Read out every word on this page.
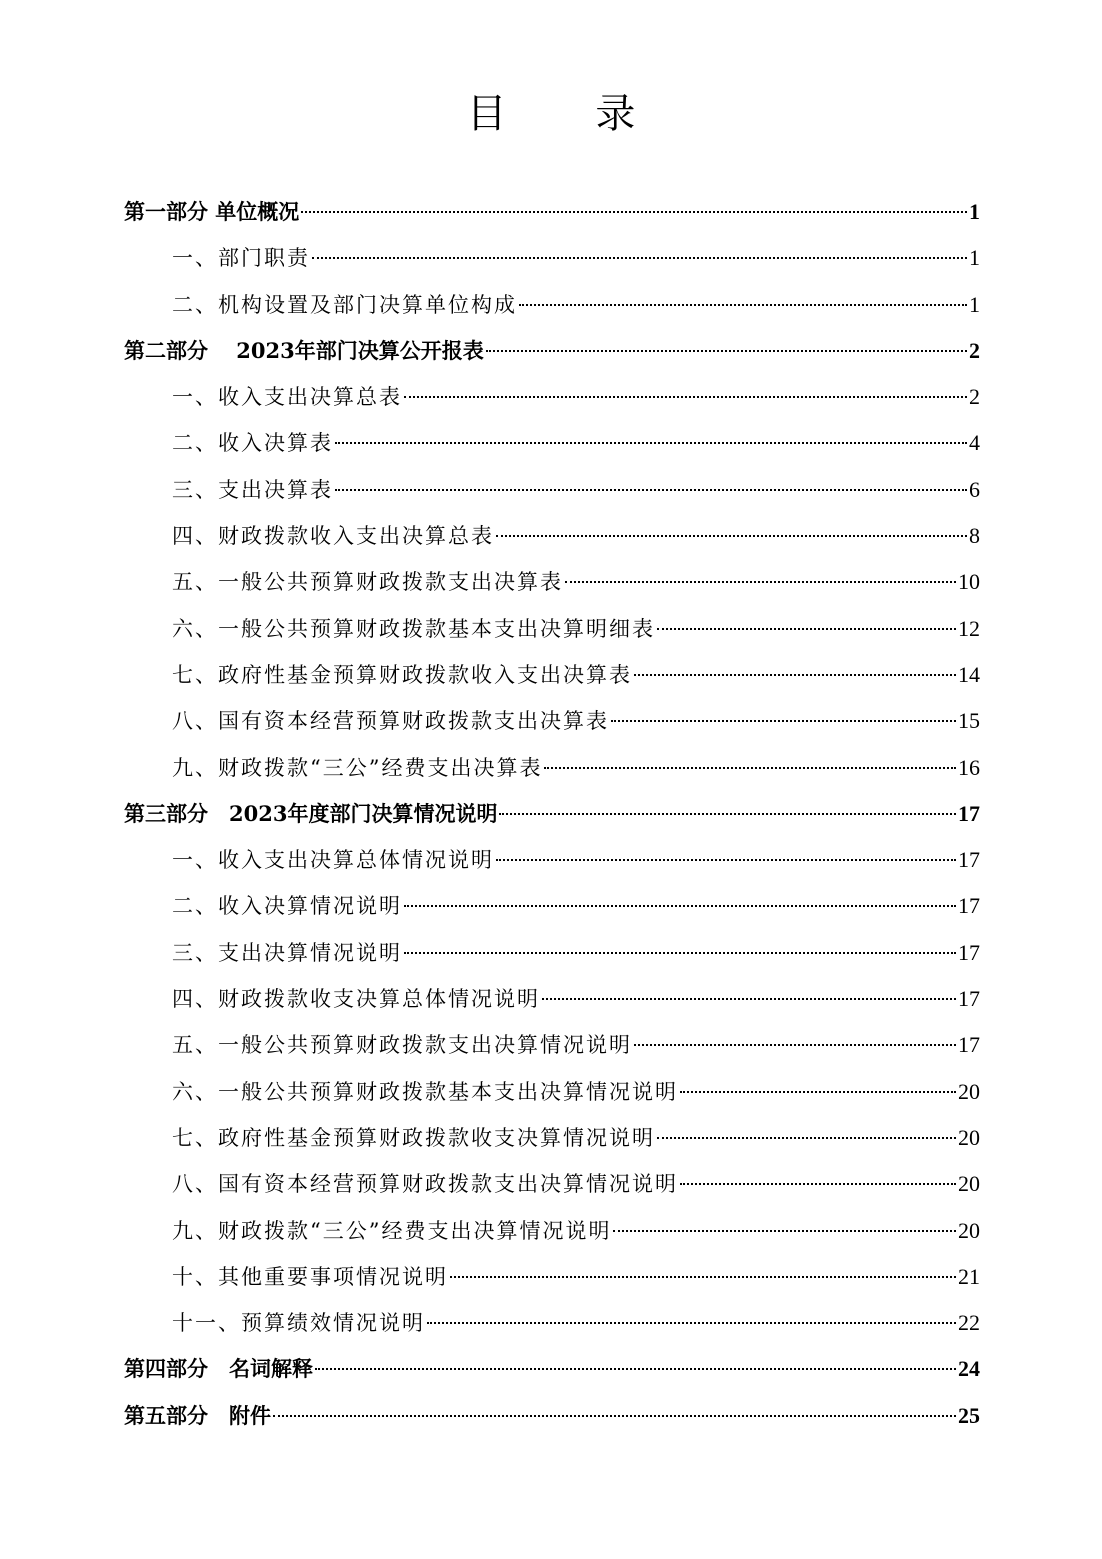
目 录
第一部分 单位概况	1
一、部门职责	1
二、机构设置及部门决算单位构成	1
第二部分　 2023年部门决算公开报表	2
一、收入支出决算总表	2
二、收入决算表	4
三、支出决算表	6
四、财政拨款收入支出决算总表	8
五、一般公共预算财政拨款支出决算表	10
六、一般公共预算财政拨款基本支出决算明细表	12
七、政府性基金预算财政拨款收入支出决算表	14
八、国有资本经营预算财政拨款支出决算表	15
九、财政拨款“三公”经费支出决算表	16
第三部分　2023年度部门决算情况说明	17
一、收入支出决算总体情况说明	17
二、收入决算情况说明	17
三、支出决算情况说明	17
四、财政拨款收支决算总体情况说明	17
五、一般公共预算财政拨款支出决算情况说明	17
六、一般公共预算财政拨款基本支出决算情况说明	20
七、政府性基金预算财政拨款收支决算情况说明	20
八、国有资本经营预算财政拨款支出决算情况说明	20
九、财政拨款“三公”经费支出决算情况说明	20
十、其他重要事项情况说明	21
十一、预算绩效情况说明	22
第四部分　名词解释	24
第五部分　附件	25
